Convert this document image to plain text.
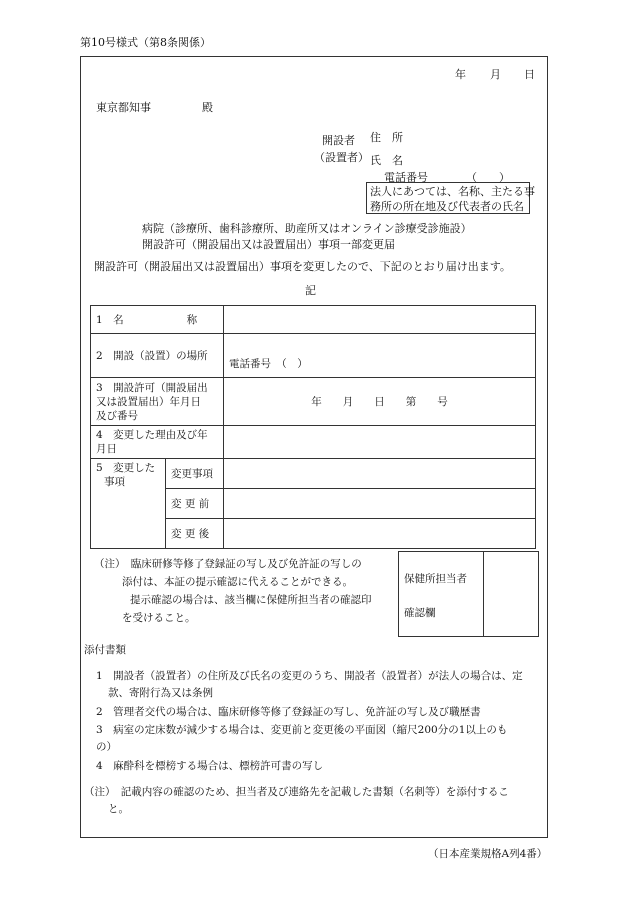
第10号様式（第8条関係）
年 月 日
東京都知事	殿
開設者
（設置者）
住　所
氏　名
電話番号	（　　）
法人にあつては、名称、主たる事
務所の所在地及び代表者の氏名
病院（診療所、歯科診療所、助産所又はオンライン診療受診施設）
開設許可（開設届出又は設置届出）事項一部変更届
開設許可（開設届出又は設置届出）事項を変更したので、下記のとおり届け出ます。
記
1　名　　　　　　称		
2　開設（設置）の場所		電話番号　（　）

3　開設許可（開設届出
又は設置届出）年月日
及び番号		年　　月　　日　　第　　号

4　変更した理由及び年
月日		

5　変更した
事項	変更事項	
	変 更 前	
	変 更 後	
（注）　臨床研修等修了登録証の写し及び免許証の写しの
添付は、本証の提示確認に代えることができる。
提示確認の場合は、該当欄に保健所担当者の確認印
を受けること。
保健所担当者
確認欄
添付書類
1　開設者（設置者）の住所及び氏名の変更のうち、開設者（設置者）が法人の場合は、定
款、寄附行為又は条例
2　管理者交代の場合は、臨床研修等修了登録証の写し、免許証の写し及び職歴書
3　病室の定床数が減少する場合は、変更前と変更後の平面図（縮尺200分の1以上のも
の）
4　麻酔科を標榜する場合は、標榜許可書の写し
（注）　記載内容の確認のため、担当者及び連絡先を記載した書類（名刺等）を添付するこ
と。
（日本産業規格A列4番）
